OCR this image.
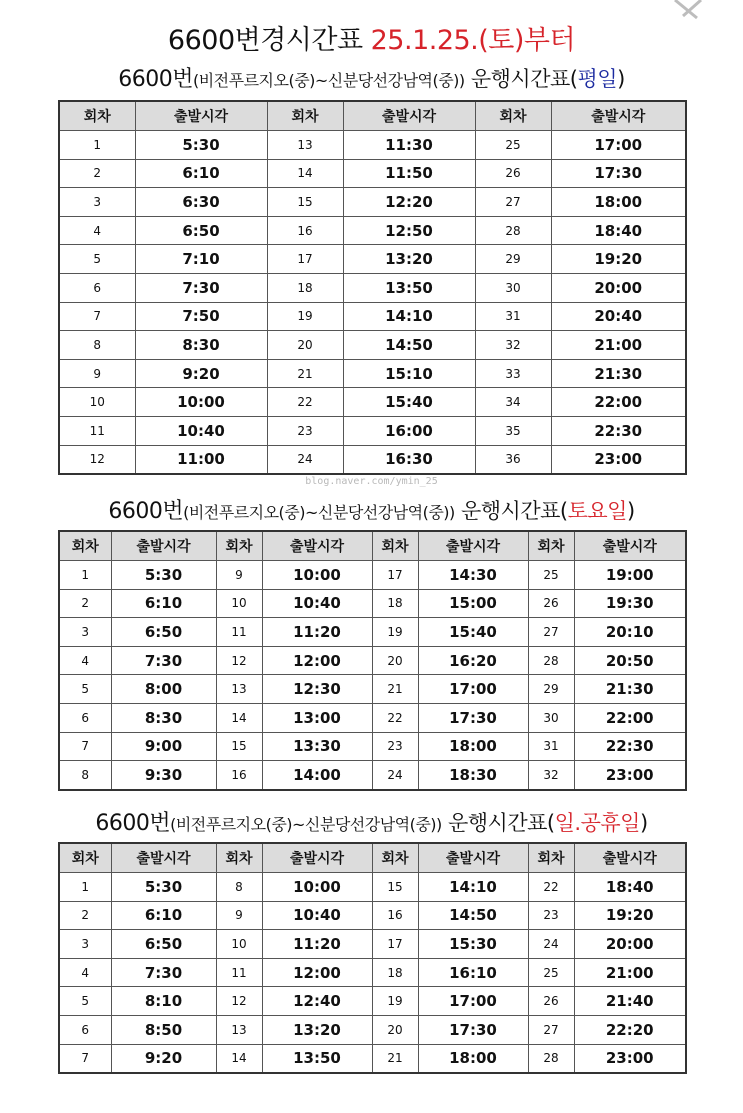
6600변경시간표 25.1.25.(토)부터
6600번(비전푸르지오(중)~신분당선강남역(중)) 운행시간표(평일)
회차	출발시각	회차	출발시각	회차	출발시각
1	5:30	13	11:30	25	17:00
2	6:10	14	11:50	26	17:30
3	6:30	15	12:20	27	18:00
4	6:50	16	12:50	28	18:40
5	7:10	17	13:20	29	19:20
6	7:30	18	13:50	30	20:00
7	7:50	19	14:10	31	20:40
8	8:30	20	14:50	32	21:00
9	9:20	21	15:10	33	21:30
10	10:00	22	15:40	34	22:00
11	10:40	23	16:00	35	22:30
12	11:00	24	16:30	36	23:00
blog.naver.com/ymin_25
6600번(비전푸르지오(중)~신분당선강남역(중)) 운행시간표(토요일)
회차	출발시각	회차	출발시각	회차	출발시각	회차	출발시각
1	5:30	9	10:00	17	14:30	25	19:00
2	6:10	10	10:40	18	15:00	26	19:30
3	6:50	11	11:20	19	15:40	27	20:10
4	7:30	12	12:00	20	16:20	28	20:50
5	8:00	13	12:30	21	17:00	29	21:30
6	8:30	14	13:00	22	17:30	30	22:00
7	9:00	15	13:30	23	18:00	31	22:30
8	9:30	16	14:00	24	18:30	32	23:00
6600번(비전푸르지오(중)~신분당선강남역(중)) 운행시간표(일.공휴일)
회차	출발시각	회차	출발시각	회차	출발시각	회차	출발시각
1	5:30	8	10:00	15	14:10	22	18:40
2	6:10	9	10:40	16	14:50	23	19:20
3	6:50	10	11:20	17	15:30	24	20:00
4	7:30	11	12:00	18	16:10	25	21:00
5	8:10	12	12:40	19	17:00	26	21:40
6	8:50	13	13:20	20	17:30	27	22:20
7	9:20	14	13:50	21	18:00	28	23:00
